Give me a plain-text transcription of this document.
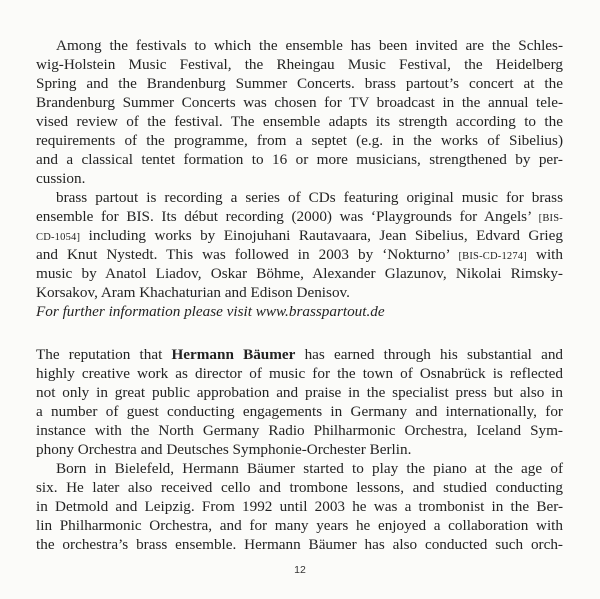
Among the festivals to which the ensemble has been invited are the Schles-
wig-Holstein Music Festival, the Rheingau Music Festival, the Heidelberg
Spring and the Brandenburg Summer Concerts. brass partout’s concert at the
Brandenburg Summer Concerts was chosen for TV broadcast in the annual tele-
vised review of the festival. The ensemble adapts its strength according to the
requirements of the programme, from a septet (e.g. in the works of Sibelius)
and a classical tentet formation to 16 or more musicians, strengthened by per-
cussion.
brass partout is recording a series of CDs featuring original music for brass
ensemble for BIS. Its début recording (2000) was ‘Playgrounds for Angels’ [BIS-
CD-1054] including works by Einojuhani Rautavaara, Jean Sibelius, Edvard Grieg
and Knut Nystedt. This was followed in 2003 by ‘Nokturno’ [BIS-CD-1274] with
music by Anatol Liadov, Oskar Böhme, Alexander Glazunov, Nikolai Rimsky-
Korsakov, Aram Khachaturian and Edison Denisov.
For further information please visit www.brasspartout.de
The reputation that Hermann Bäumer has earned through his substantial and
highly creative work as director of music for the town of Osnabrück is reflected
not only in great public approbation and praise in the specialist press but also in
a number of guest conducting engagements in Germany and internationally, for
instance with the North Germany Radio Philharmonic Orchestra, Iceland Sym-
phony Orchestra and Deutsches Symphonie-Orchester Berlin.
Born in Bielefeld, Hermann Bäumer started to play the piano at the age of
six. He later also received cello and trombone lessons, and studied conducting
in Detmold and Leipzig. From 1992 until 2003 he was a trombonist in the Ber-
lin Philharmonic Orchestra, and for many years he enjoyed a collaboration with
the orchestra’s brass ensemble. Hermann Bäumer has also conducted such orch-
12
